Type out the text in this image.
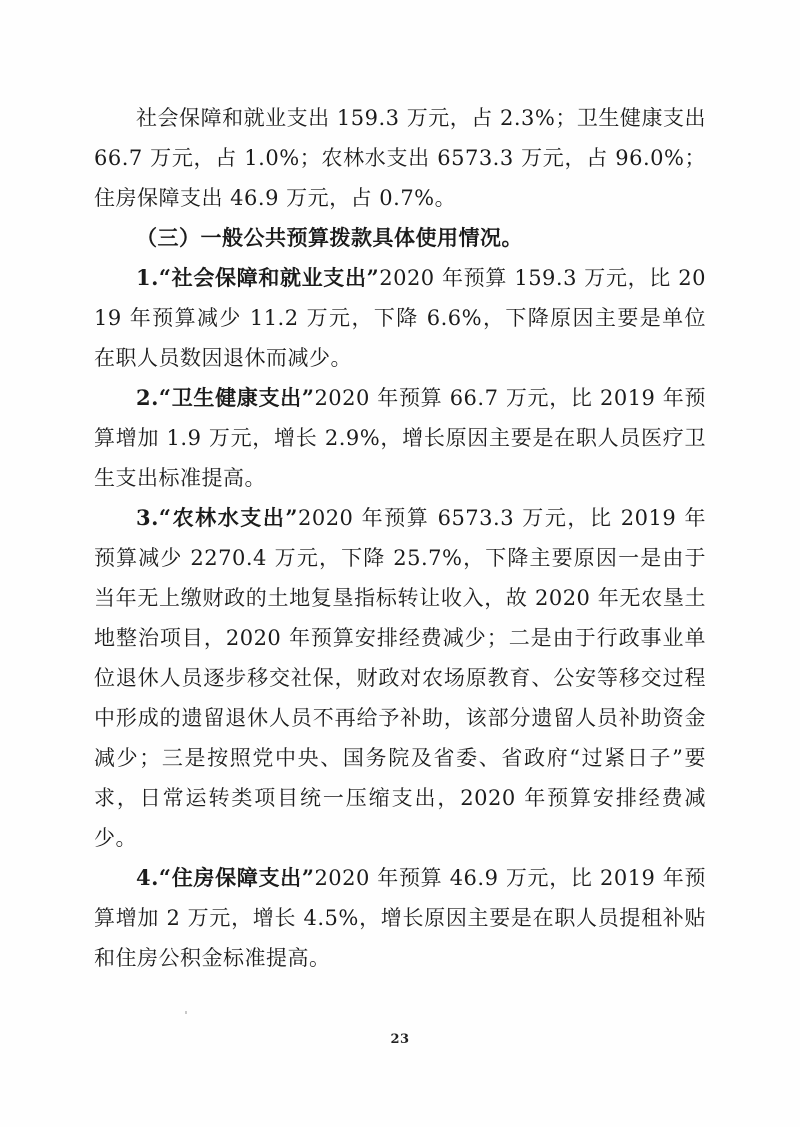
社会保障和就业支出 159.3 万元，占 2.3%；卫生健康支出 66.7 万元，占 1.0%；农林水支出 6573.3 万元，占 96.0%；住房保障支出 46.9 万元，占 0.7%。

（三）一般公共预算拨款具体使用情况。

1.“社会保障和就业支出”2020 年预算 159.3 万元，比 2019 年预算减少 11.2 万元，下降 6.6%，下降原因主要是单位在职人员数因退休而减少。

2.“卫生健康支出”2020 年预算 66.7 万元，比 2019 年预算增加 1.9 万元，增长 2.9%，增长原因主要是在职人员医疗卫生支出标准提高。

3.“农林水支出”2020 年预算 6573.3 万元，比 2019 年预算减少 2270.4 万元，下降 25.7%，下降主要原因一是由于当年无上缴财政的土地复垦指标转让收入，故 2020 年无农垦土地整治项目，2020 年预算安排经费减少；二是由于行政事业单位退休人员逐步移交社保，财政对农场原教育、公安等移交过程中形成的遗留退休人员不再给予补助，该部分遗留人员补助资金减少；三是按照党中央、国务院及省委、省政府“过紧日子”要求，日常运转类项目统一压缩支出，2020 年预算安排经费减少。

4.“住房保障支出”2020 年预算 46.9 万元，比 2019 年预算增加 2 万元，增长 4.5%，增长原因主要是在职人员提租补贴和住房公积金标准提高。

23
